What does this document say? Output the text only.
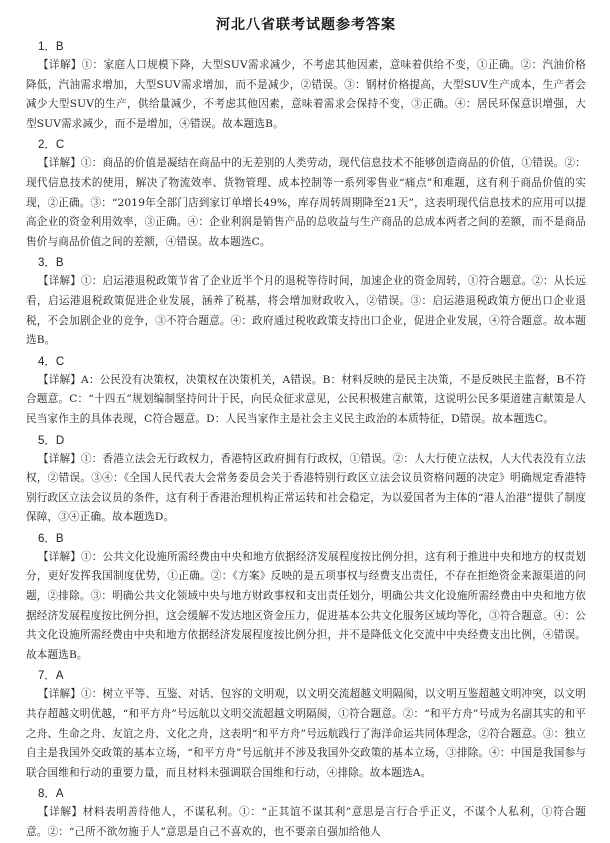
河北八省联考试题参考答案
1．B

【详解】①：家庭人口规模下降，大型SUV需求减少，不考虑其他因素，意味着供给不变，①正确。②：汽油价格降低，汽油需求增加，大型SUV需求增加，而不是减少，②错误。③：钢材价格提高，大型SUV生产成本，生产者会减少大型SUV的生产，供给量减少，不考虑其他因素，意味着需求会保持不变，③正确。④：居民环保意识增强，大型SUV需求减少，而不是增加，④错误。故本题选B。

2．C

【详解】①：商品的价值是凝结在商品中的无差别的人类劳动，现代信息技术不能够创造商品的价值，①错误。②：现代信息技术的使用，解决了物流效率、货物管理、成本控制等一系列零售业“痛点”和难题，这有利于商品价值的实现，②正确。③：“2019年全部门店到家订单增长49%，库存周转周期降至21天”，这表明现代信息技术的应用可以提高企业的资金利用效率，③正确。④：企业利润是销售产品的总收益与生产商品的总成本两者之间的差额，而不是商品售价与商品价值之间的差额，④错误。故本题选C。

3．B

【详解】①：启运港退税政策节省了企业近半个月的退税等待时间，加速企业的资金周转，①符合题意。②：从长远看，启运港退税政策促进企业发展，涵养了税基，将会增加财政收入，②错误。③：启运港退税政策方便出口企业退税，不会加剧企业的竞争，③不符合题意。④：政府通过税收政策支持出口企业，促进企业发展，④符合题意。故本题选B。

4．C

【详解】A：公民没有决策权，决策权在决策机关，A错误。B：材料反映的是民主决策，不是反映民主监督，B不符合题意。C：“十四五”规划编制坚持问计于民，向民众征求意见，公民积极建言献策，这说明公民多渠道建言献策是人民当家作主的具体表现，C符合题意。D：人民当家作主是社会主义民主政治的本质特征，D错误。故本题选C。

5．D

【详解】①：香港立法会无行政权力，香港特区政府拥有行政权，①错误。②：人大行使立法权，人大代表没有立法权，②错误。③④：《全国人民代表大会常务委员会关于香港特别行政区立法会议员资格问题的决定》明确规定香港特别行政区立法会议员的条件，这有利于香港治理机构正常运转和社会稳定，为以爱国者为主体的“港人治港”提供了制度保障，③④正确。故本题选D。

6．B

【详解】①：公共文化设施所需经费由中央和地方依据经济发展程度按比例分担，这有利于推进中央和地方的权责划分，更好发挥我国制度优势，①正确。②：《方案》反映的是五项事权与经费支出责任，不存在拒绝资金来源渠道的问题，②排除。③：明确公共文化领域中央与地方财政事权和支出责任划分，明确公共文化设施所需经费由中央和地方依据经济发展程度按比例分担，这会缓解不发达地区资金压力，促进基本公共文化服务区域均等化，③符合题意。④：公共文化设施所需经费由中央和地方依据经济发展程度按比例分担，并不是降低文化交流中中央经费支出比例，④错误。故本题选B。

7．A

【详解】①：树立平等、互鉴、对话、包容的文明观，以文明交流超越文明隔阂，以文明互鉴超越文明冲突，以文明共存超越文明优越，“和平方舟”号远航以文明交流超越文明隔阂，①符合题意。②：“和平方舟”号成为名副其实的和平之舟、生命之舟、友谊之舟、文化之舟，这表明“和平方舟”号远航践行了海洋命运共同体理念，②符合题意。③：独立自主是我国外交政策的基本立场，“和平方舟”号远航并不涉及我国外交政策的基本立场，③排除。④：中国是我国参与联合国维和行动的重要力量，而且材料未强调联合国维和行动，④排除。故本题选A。

8．A

【详解】材料表明善待他人，不谋私利。①：“正其谊不谋其利”意思是言行合乎正义，不谋个人私利，①符合题意。②：“己所不欲勿施于人”意思是自己不喜欢的，也不要亲自强加给他人
